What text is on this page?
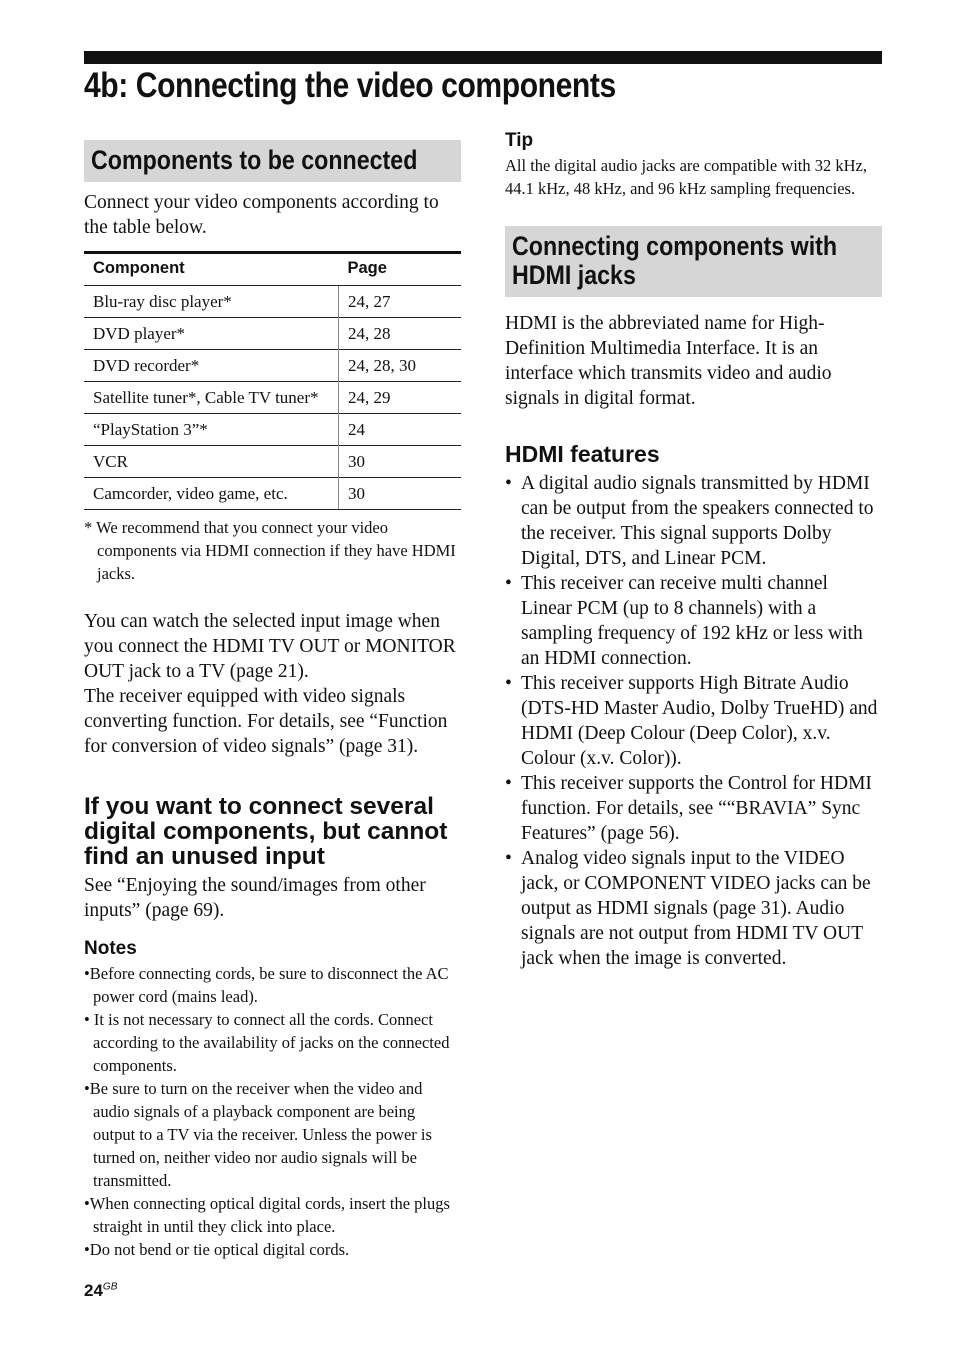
4b: Connecting the video components
Components to be connected

Connect your video components according to the table below.

Component	Page
Blu-ray disc player*	24, 27
DVD player*	24, 28
DVD recorder*	24, 28, 30
Satellite tuner*, Cable TV tuner*	24, 29
“PlayStation 3”*	24
VCR	30
Camcorder, video game, etc.	30

* We recommend that you connect your video components via HDMI connection if they have HDMI jacks.

You can watch the selected input image when you connect the HDMI TV OUT or MONITOR OUT jack to a TV (page 21).

The receiver equipped with video signals converting function. For details, see “Function for conversion of video signals” (page 31).

If you want to connect several digital components, but cannot find an unused input

See “Enjoying the sound/images from other inputs” (page 69).

Notes
•Before connecting cords, be sure to disconnect the AC power cord (mains lead).
• It is not necessary to connect all the cords. Connect according to the availability of jacks on the connected components.
•Be sure to turn on the receiver when the video and audio signals of a playback component are being output to a TV via the receiver. Unless the power is turned on, neither video nor audio signals will be transmitted.
•When connecting optical digital cords, insert the plugs straight in until they click into place.
•Do not bend or tie optical digital cords.
Tip

All the digital audio jacks are compatible with 32 kHz, 44.1 kHz, 48 kHz, and 96 kHz sampling frequencies.

Connecting components with HDMI jacks

HDMI is the abbreviated name for High-Definition Multimedia Interface. It is an interface which transmits video and audio signals in digital format.

HDMI features
• A digital audio signals transmitted by HDMI can be output from the speakers connected to the receiver. This signal supports Dolby Digital, DTS, and Linear PCM.
• This receiver can receive multi channel Linear PCM (up to 8 channels) with a sampling frequency of 192 kHz or less with an HDMI connection.
• This receiver supports High Bitrate Audio (DTS-HD Master Audio, Dolby TrueHD) and HDMI (Deep Colour (Deep Color), x.v. Colour (x.v. Color)).
• This receiver supports the Control for HDMI function. For details, see ““BRAVIA” Sync Features” (page 56).
• Analog video signals input to the VIDEO jack, or COMPONENT VIDEO jacks can be output as HDMI signals (page 31). Audio signals are not output from HDMI TV OUT jack when the image is converted.
$24^{GB}$
